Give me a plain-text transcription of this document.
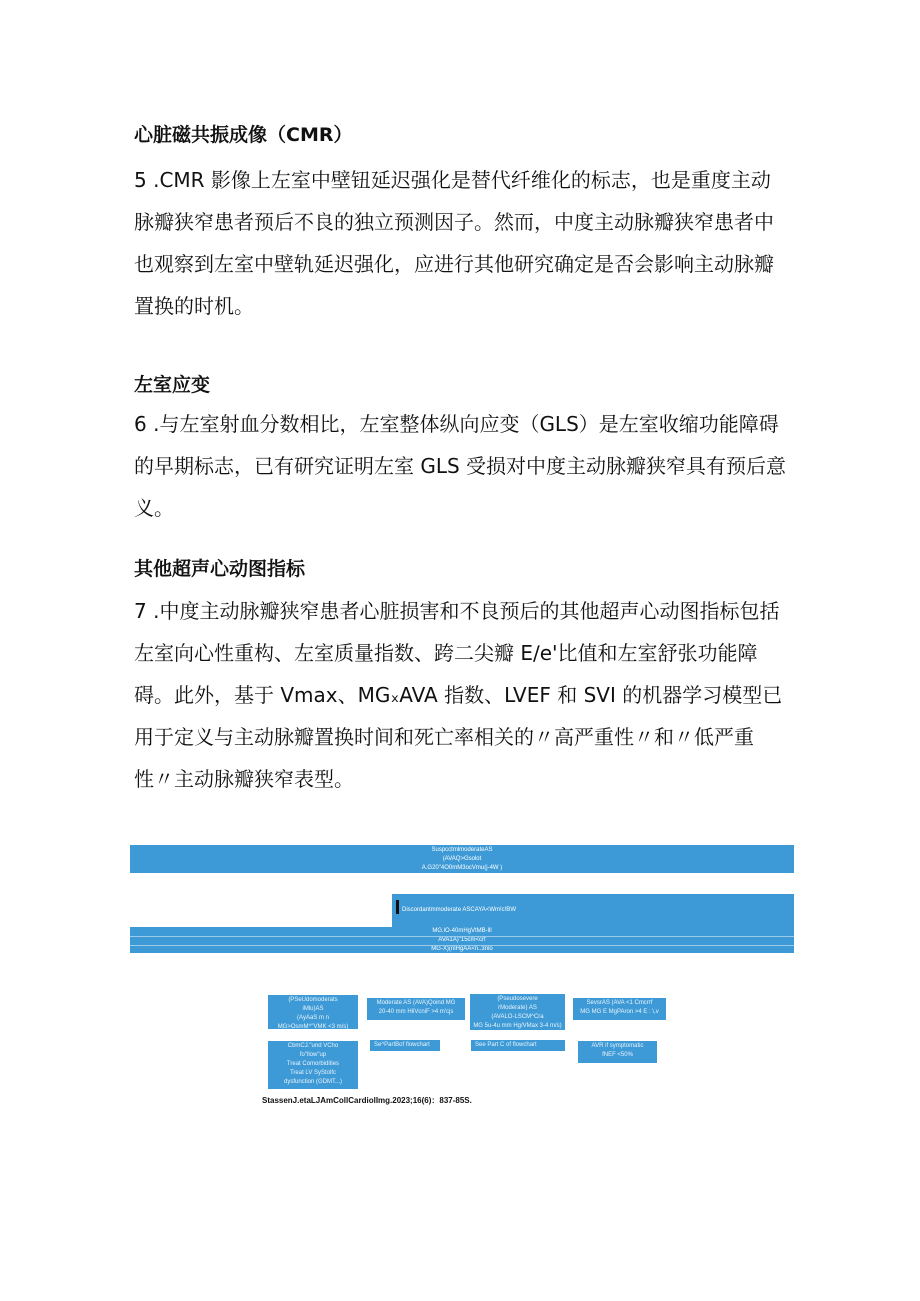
心脏磁共振成像（CMR）
5 .CMR 影像上左室中壁钮延迟强化是替代纤维化的标志，也是重度主动
脉瓣狭窄患者预后不良的独立预测因子。然而，中度主动脉瓣狭窄患者中
也观察到左室中壁轨延迟强化，应进行其他研究确定是否会影响主动脉瓣
置换的时机。
左室应变
6 .与左室射血分数相比，左室整体纵向应变（GLS）是左室收缩功能障碍
的早期标志，已有研究证明左室 GLS 受损对中度主动脉瓣狭窄具有预后意
义。
其他超声心动图指标
7 .中度主动脉瓣狭窄患者心脏损害和不良预后的其他超声心动图指标包括
左室向心性重构、左室质量指数、跨二尖瓣 E∕e'比值和左室舒张功能障
碍。此外，基于 Vmax、MGₓAVA 指数、LVEF 和 SVI 的机器学习模型已
用于定义与主动脉瓣置换时间和死亡率相关的〃高严重性〃和〃低严重
性〃主动脉瓣狭窄表型。
SuspcctmlmoderateAS
(AVAQ>Gsolot
A.G20"4O0mM3ocVmu(j-4W )
Discordantmmoderate ASCAYA<Wm!c!BW
MG.lO-40mHgVtMB-lll
AVA1A)"15cm<crf
MG-X)(nlHgAA<n..3nlo
(PSeUdomoderats
iMlu)AS
(AyAaS m n
MG>OsmM^"VMK <3 m/s)
Moderate AS (AVA)Qoind MG
20-40 mm HliVcniF >4 m'cjs
(Pseudosevere
rModerate) AS
(AVALO-LSCM^Cra
MG 5u-4u mm Hg/VMax 3-4 m/s)
SevsrAS (AVA <1 Cmcrrf
MG MG E MgPAron >4 E : \,v
CbmCJ."und VCho
fo"llow"up
Treat Comorbidities
Treat LV SyStolfc
dysfunction (GDMT...)
Se^PartBof flowchart	See Part C of flowchart	AVR if symptomatic
fNEF <50%
StassenJ.etaLJAmCollCardiolImg.2023;16(6)：837-85S.
